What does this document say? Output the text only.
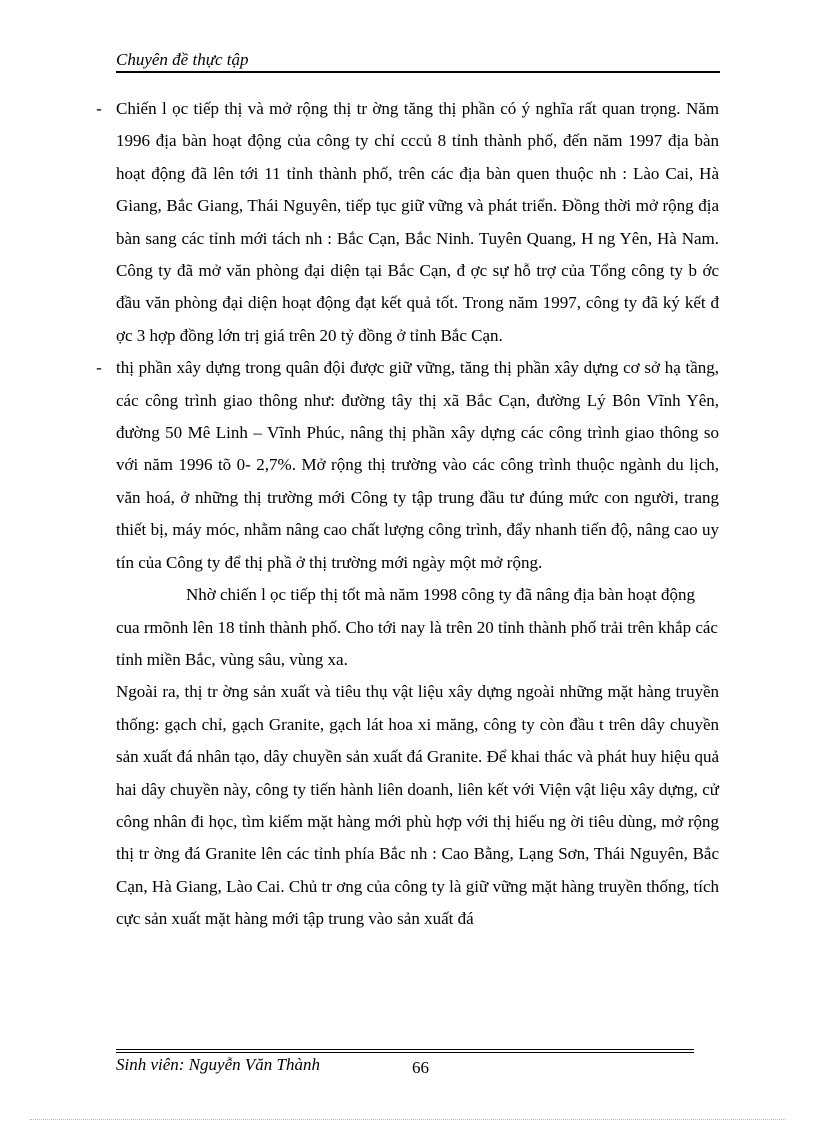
Chuyên đề thực tập

- Chiến l ọc tiếp thị và mở rộng thị tr ờng tăng thị phần có ý nghĩa rất quan trọng. Năm 1996 địa bàn hoạt động của công ty chỉ cccủ 8 tỉnh thành phố, đến năm 1997 địa bàn hoạt động đã lên tới 11 tỉnh thành phố, trên các địa bàn quen thuộc nh : Lào Cai, Hà Giang, Bắc Giang, Thái Nguyên, tiếp tục giữ vững và phát triển. Đồng thời mở rộng địa bàn sang các tỉnh mới tách nh : Bắc Cạn, Bắc Ninh. Tuyên Quang, H ng Yên, Hà Nam. Công ty đã mở văn phòng đại diện tại Bắc Cạn, đ ợc sự hỗ trợ của Tổng công ty b ớc đầu văn phòng đại diện hoạt động đạt kết quả tốt. Trong năm 1997, công ty đã ký kết đ ợc 3 hợp đồng lớn trị giá trên 20 tỷ đồng ở tỉnh Bắc Cạn.

- thị phần xây dựng trong quân đội được giữ vững, tăng thị phần xây dựng cơ sở hạ tầng, các công trình giao thông như: đường tây thị xã Bắc Cạn, đường Lý Bôn Vĩnh Yên, đường 50 Mê Linh – Vĩnh Phúc, nâng thị phần xây dựng các công trình giao thông so với năm 1996 tõ 0- 2,7%. Mở rộng thị trường vào các công trình thuộc ngành du lịch, văn hoá, ở những thị trường mới Công ty tập trung đầu tư đúng mức con người, trang thiết bị, máy móc, nhằm nâng cao chất lượng công trình, đẩy nhanh tiến độ, nâng cao uy tín của Công ty để thị phầ ở thị trường mới ngày một mở rộng.

Nhờ chiến l ọc tiếp thị tốt mà năm 1998 công ty đã nâng địa bàn hoạt động cua rmõnh lên 18 tỉnh thành phố. Cho tới nay là trên 20 tỉnh thành phố trải trên khắp các tỉnh miền Bắc, vùng sâu, vùng xa.

Ngoài ra, thị tr ờng sản xuất và tiêu thụ vật liệu xây dựng ngoài những mặt hàng truyền thống: gạch chỉ, gạch Granite, gạch lát hoa xi măng, công ty còn đầu t trên dây chuyền sản xuất đá nhân tạo, dây chuyền sản xuất đá Granite. Để khai thác và phát huy hiệu quả hai dây chuyền này, công ty tiến hành liên doanh, liên kết với Viện vật liệu xây dựng, cử công nhân đi học, tìm kiếm mặt hàng mới phù hợp với thị hiếu ng ời tiêu dùng, mở rộng thị tr ờng đá Granite lên các tỉnh phía Bắc nh : Cao Bằng, Lạng Sơn, Thái Nguyên, Bắc Cạn, Hà Giang, Lào Cai. Chủ tr ơng của công ty là giữ vững mặt hàng truyền thống, tích cực sản xuất mặt hàng mới tập trung vào sản xuất đá

Sinh viên: Nguyễn Văn Thành	66
